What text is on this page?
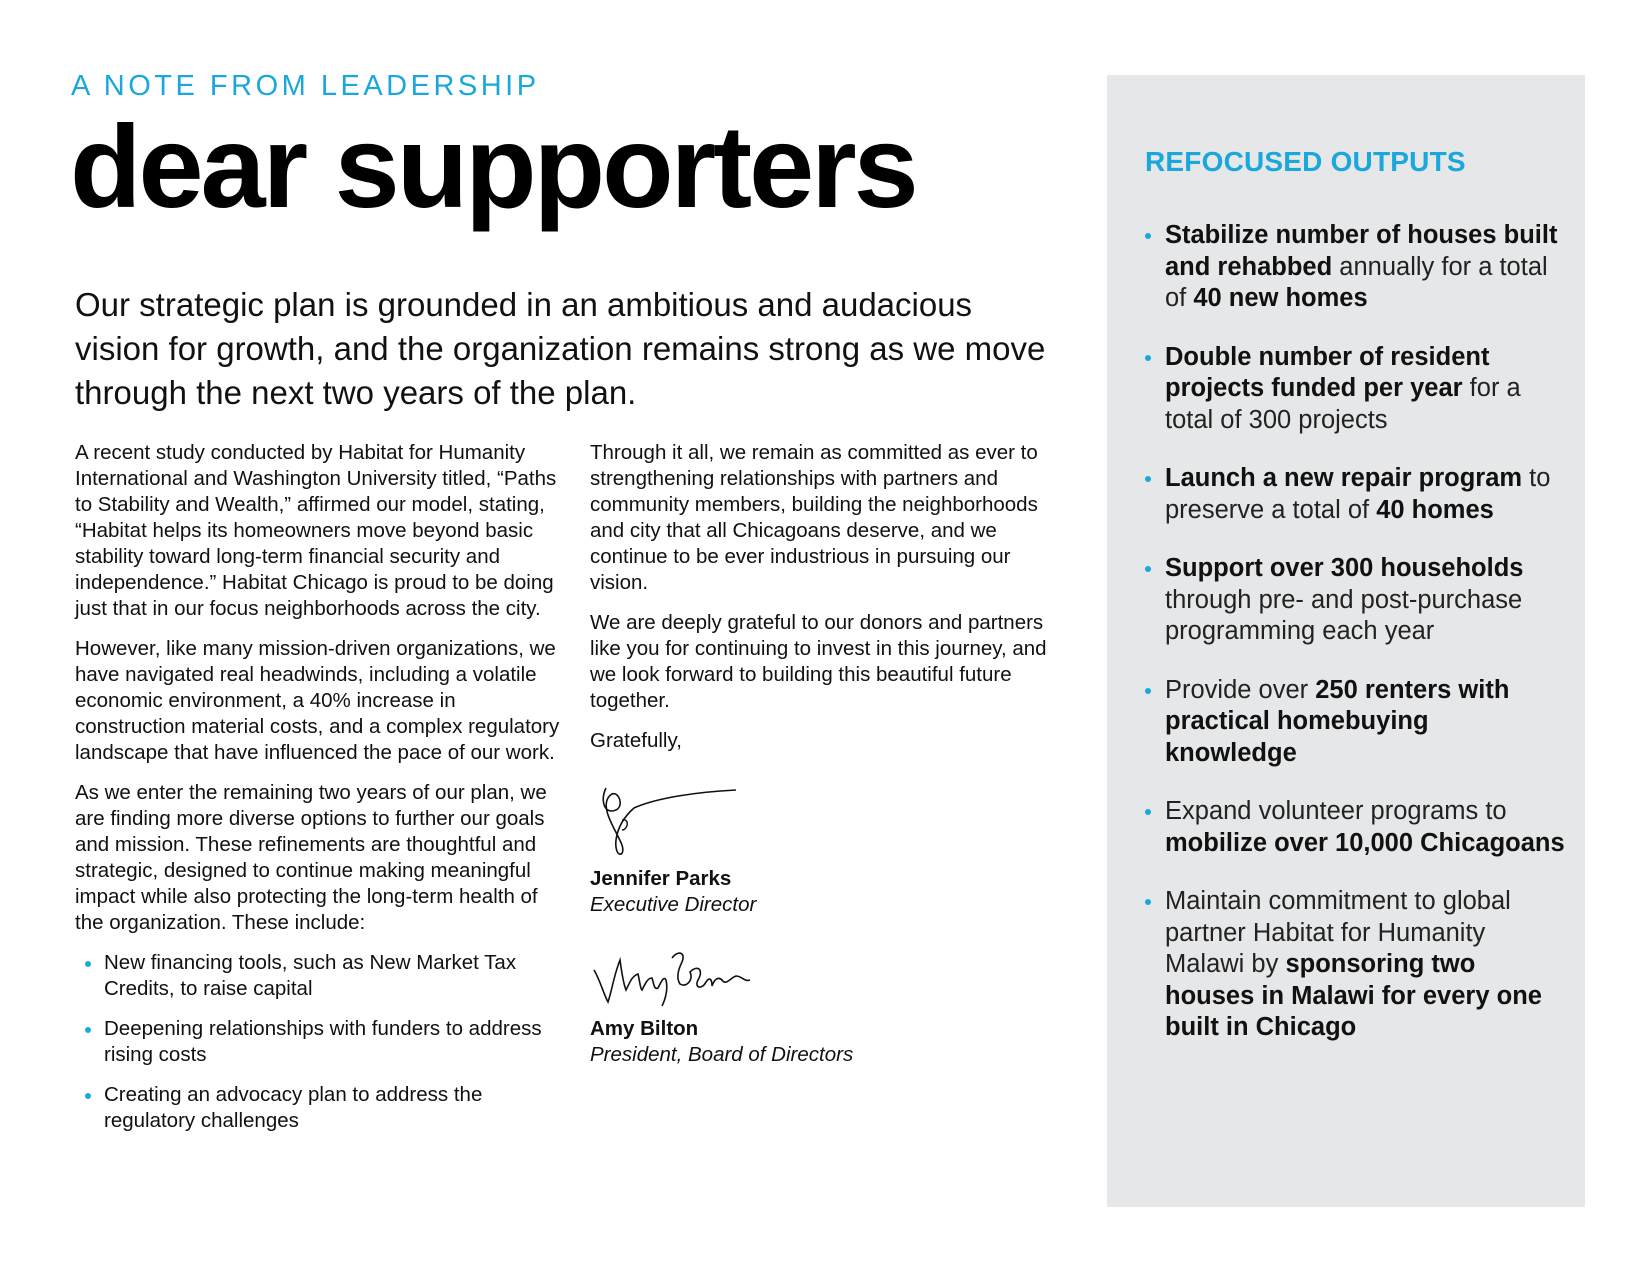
A NOTE FROM LEADERSHIP
dear supporters

Our strategic plan is grounded in an ambitious and audacious vision for growth, and the organization remains strong as we move through the next two years of the plan.

A recent study conducted by Habitat for Humanity International and Washington University titled, “Paths to Stability and Wealth,” affirmed our model, stating, “Habitat helps its homeowners move beyond basic stability toward long-term financial security and independence.” Habitat Chicago is proud to be doing just that in our focus neighborhoods across the city.

However, like many mission-driven organizations, we have navigated real headwinds, including a volatile economic environment, a 40% increase in construction material costs, and a complex regulatory landscape that have influenced the pace of our work.

As we enter the remaining two years of our plan, we are finding more diverse options to further our goals and mission. These refinements are thoughtful and strategic, designed to continue making meaningful impact while also protecting the long-term health of the organization. These include:

New financing tools, such as New Market Tax Credits, to raise capital
Deepening relationships with funders to address rising costs
Creating an advocacy plan to address the regulatory challenges

Through it all, we remain as committed as ever to strengthening relationships with partners and community members, building the neighborhoods and city that all Chicagoans deserve, and we continue to be ever industrious in pursuing our vision.

We are deeply grateful to our donors and partners like you for continuing to invest in this journey, and we look forward to building this beautiful future together.

Gratefully,

Jennifer Parks
Executive Director
Amy Bilton
President, Board of Directors
REFOCUSED OUTPUTS
Stabilize number of houses built and rehabbed annually for a total of 40 new homes
Double number of resident projects funded per year for a total of 300 projects
Launch a new repair program to preserve a total of 40 homes
Support over 300 households through pre- and post-purchase programming each year
Provide over 250 renters with practical homebuying knowledge
Expand volunteer programs to mobilize over 10,000 Chicagoans
Maintain commitment to global partner Habitat for Humanity Malawi by sponsoring two houses in Malawi for every one built in Chicago
